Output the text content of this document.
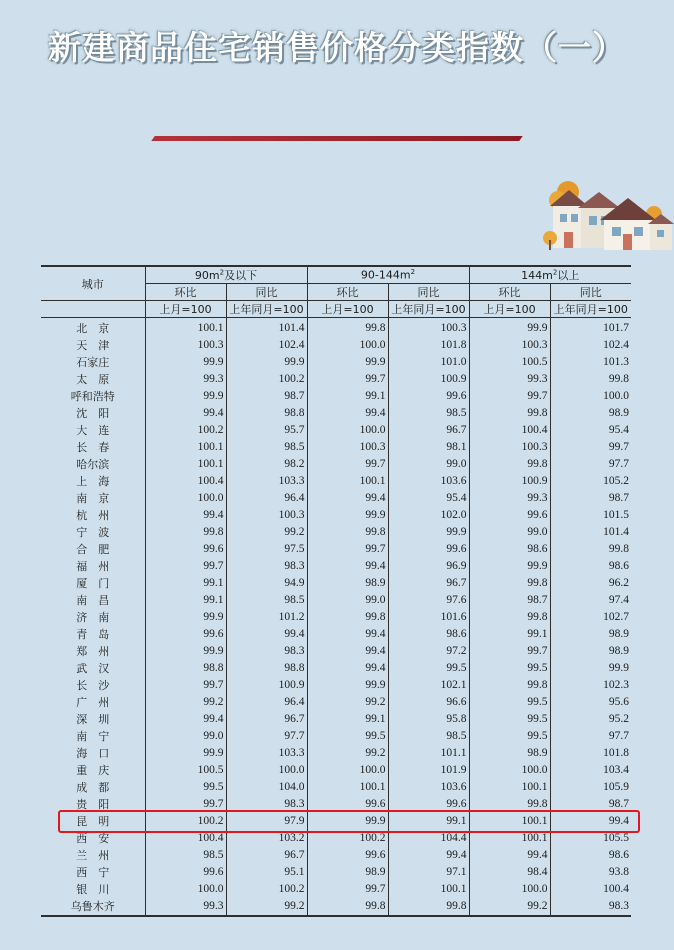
新建商品住宅销售价格分类指数（一）
城市	$90m^2$及以下		$90-144m^2$		$144m^2$以上	
	环比	同比	环比	同比	环比	同比
	上月=100	上年同月=100	上月=100	上年同月=100	上月=100	上年同月=100
北　京	100.1	101.4	99.8	100.3	99.9	101.7
天　津	100.3	102.4	100.0	101.8	100.3	102.4
石家庄	99.9	99.9	99.9	101.0	100.5	101.3
太　原	99.3	100.2	99.7	100.9	99.3	99.8
呼和浩特	99.9	98.7	99.1	99.6	99.7	100.0
沈　阳	99.4	98.8	99.4	98.5	99.8	98.9
大　连	100.2	95.7	100.0	96.7	100.4	95.4
长　春	100.1	98.5	100.3	98.1	100.3	99.7
哈尔滨	100.1	98.2	99.7	99.0	99.8	97.7
上　海	100.4	103.3	100.1	103.6	100.9	105.2
南　京	100.0	96.4	99.4	95.4	99.3	98.7
杭　州	99.4	100.3	99.9	102.0	99.6	101.5
宁　波	99.8	99.2	99.8	99.9	99.0	101.4
合　肥	99.6	97.5	99.7	99.6	98.6	99.8
福　州	99.7	98.3	99.4	96.9	99.9	98.6
厦　门	99.1	94.9	98.9	96.7	99.8	96.2
南　昌	99.1	98.5	99.0	97.6	98.7	97.4
济　南	99.9	101.2	99.8	101.6	99.8	102.7
青　岛	99.6	99.4	99.4	98.6	99.1	98.9
郑　州	99.9	98.3	99.4	97.2	99.7	98.9
武　汉	98.8	98.8	99.4	99.5	99.5	99.9
长　沙	99.7	100.9	99.9	102.1	99.8	102.3
广　州	99.2	96.4	99.2	96.6	99.5	95.6
深　圳	99.4	96.7	99.1	95.8	99.5	95.2
南　宁	99.0	97.7	99.5	98.5	99.5	97.7
海　口	99.9	103.3	99.2	101.1	98.9	101.8
重　庆	100.5	100.0	100.0	101.9	100.0	103.4
成　都	99.5	104.0	100.1	103.6	100.1	105.9
贵　阳	99.7	98.3	99.6	99.6	99.8	98.7
昆　明	100.2	97.9	99.9	99.1	100.1	99.4
西　安	100.4	103.2	100.2	104.4	100.1	105.5
兰　州	98.5	96.7	99.6	99.4	99.4	98.6
西　宁	99.6	95.1	98.9	97.1	98.4	93.8
银　川	100.0	100.2	99.7	100.1	100.0	100.4
乌鲁木齐	99.3	99.2	99.8	99.8	99.2	98.3
